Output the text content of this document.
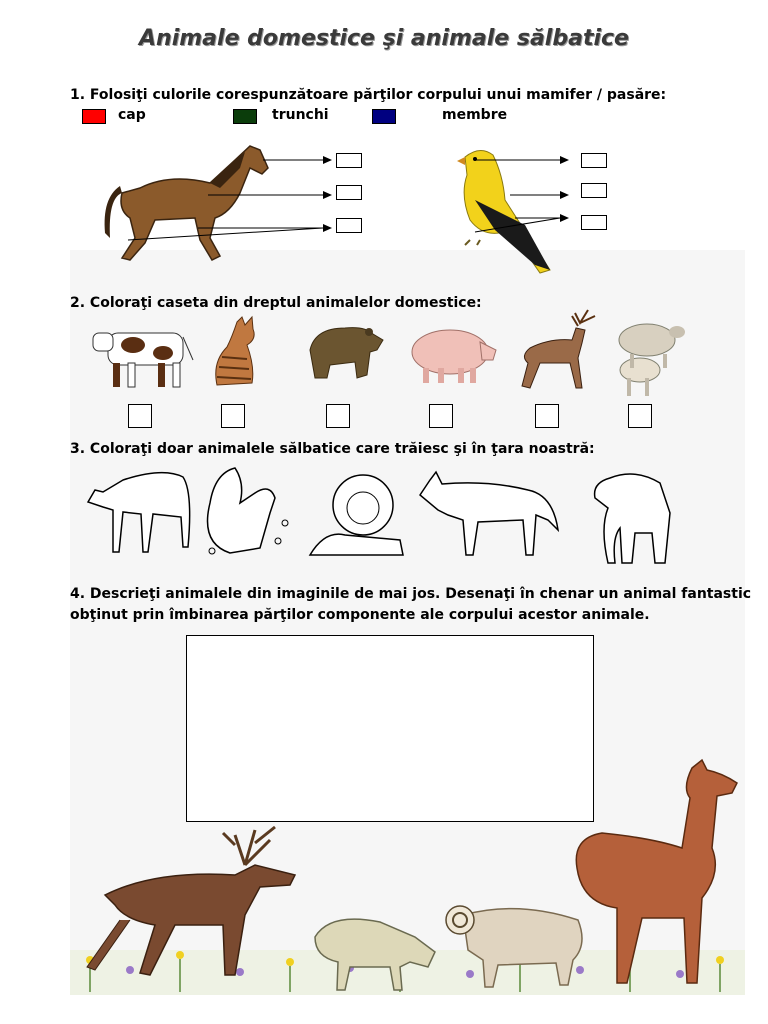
Animale domestice şi animale sălbatice
1. Folosiţi culorile corespunzătoare părţilor corpului unui mamifer / pasăre:
cap	trunchi	membre
2. Coloraţi caseta din dreptul animalelor domestice:
3. Coloraţi doar animalele sălbatice care trăiesc şi în ţara noastră:
4. Descrieţi animalele din imaginile de mai jos. Desenaţi în chenar un animal fantastic
obţinut prin îmbinarea părţilor componente ale corpului acestor animale.
